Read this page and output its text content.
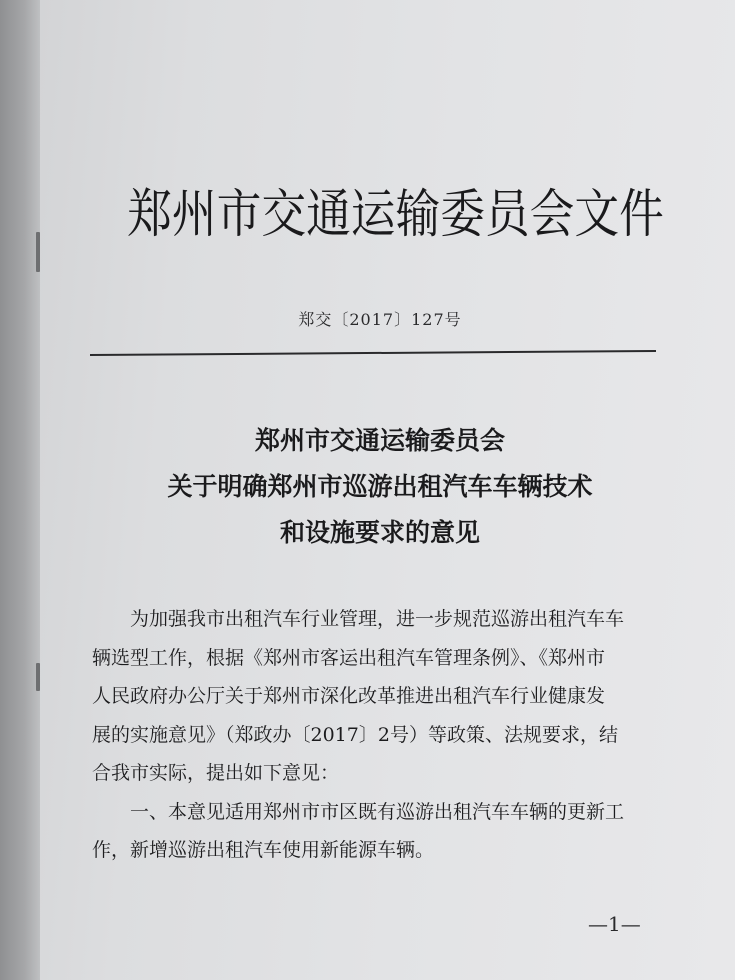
郑州市交通运输委员会文件
郑交〔2017〕127号
郑州市交通运输委员会
关于明确郑州市巡游出租汽车车辆技术
和设施要求的意见
　　为加强我市出租汽车行业管理，进一步规范巡游出租汽车车
辆选型工作，根据《郑州市客运出租汽车管理条例》、《郑州市
人民政府办公厅关于郑州市深化改革推进出租汽车行业健康发
展的实施意见》（郑政办〔2017〕2号）等政策、法规要求，结
合我市实际，提出如下意见：
　　一、本意见适用郑州市市区既有巡游出租汽车车辆的更新工
作，新增巡游出租汽车使用新能源车辆。
—1—
